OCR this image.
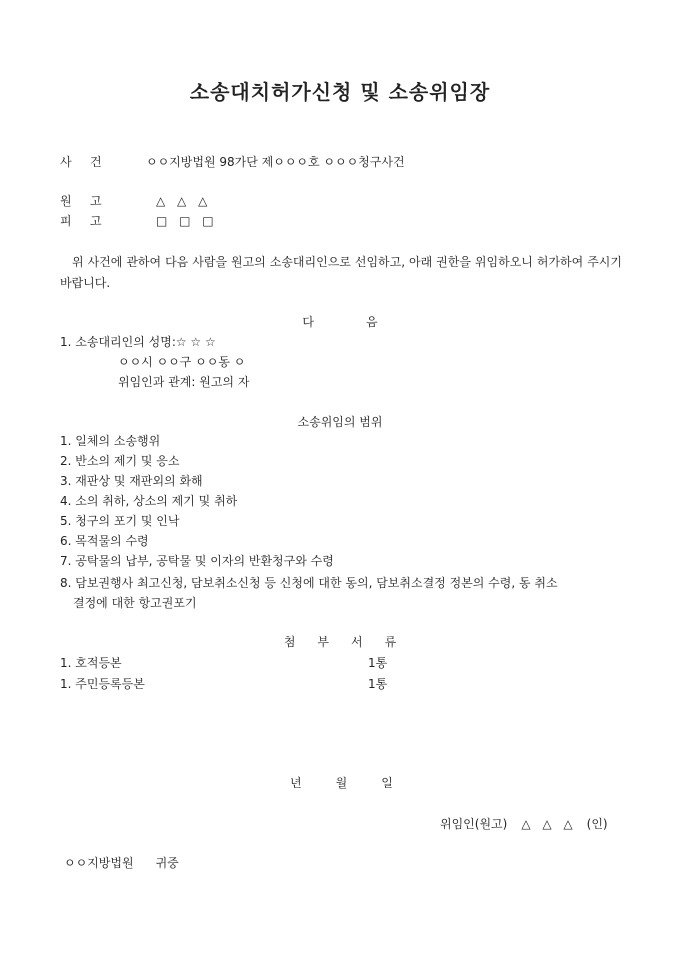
소송대치허가신청 및 소송위임장
사 건	ㅇㅇ지방법원 98가단 제ㅇㅇㅇ호 ㅇㅇㅇ청구사건
원 고	△ △ △
피 고	□ □ □
위 사건에 관하여 다음 사람을 원고의 소송대리인으로 선임하고, 아래 권한을 위임하오니 허가하여 주시기 바랍니다.
다	음
1. 소송대리인의 성명:☆ ☆ ☆
ㅇㅇ시 ㅇㅇ구 ㅇㅇ동 ㅇ
위임인과 관계: 원고의 자
소송위임의 범위
1. 일체의 소송행위
2. 반소의 제기 및 응소
3. 재판상 및 재판외의 화해
4. 소의 취하, 상소의 제기 및 취하
5. 청구의 포기 및 인낙
6. 목적물의 수령
7. 공탁물의 납부, 공탁물 및 이자의 반환청구와 수령
8. 담보권행사 최고신청, 담보취소신청 등 신청에 대한 동의, 담보취소결정 정본의 수령, 동 취소
결정에 대한 항고권포기
첨 부 서 류
1. 호적등본	1통
1. 주민등록등본	1통
년	월	일
위임인(원고) △ △ △ (인)
ㅇㅇ지방법원 귀중
